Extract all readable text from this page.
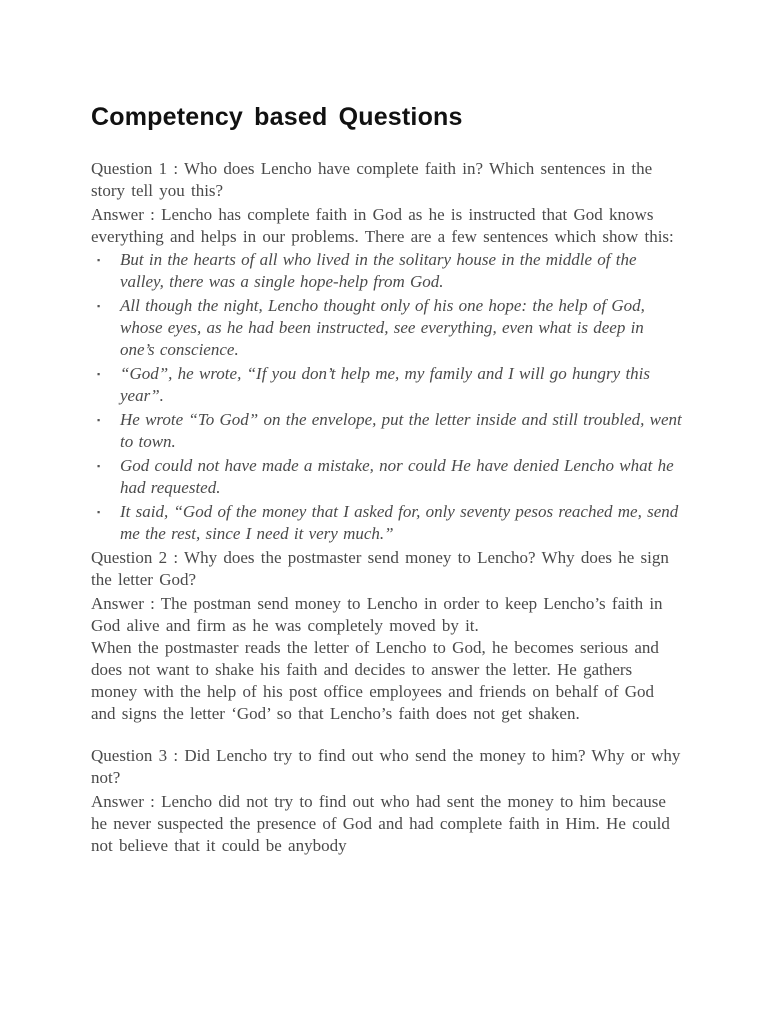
Competency based Questions

Question 1 : Who does Lencho have complete faith in? Which sentences in the story tell you this?

Answer : Lencho has complete faith in God as he is instructed that God knows everything and helps in our problems. There are a few sentences which show this:

▪ But in the hearts of all who lived in the solitary house in the middle of the valley, there was a single hope-help from God.
▪ All though the night, Lencho thought only of his one hope: the help of God, whose eyes, as he had been instructed, see everything, even what is deep in one’s conscience.
▪ “God”, he wrote, “If you don’t help me, my family and I will go hungry this year”.
▪ He wrote “To God” on the envelope, put the letter inside and still troubled, went to town.
▪ God could not have made a mistake, nor could He have denied Lencho what he had requested.
▪ It said, “God of the money that I asked for, only seventy pesos reached me, send me the rest, since I need it very much.”

Question 2 : Why does the postmaster send money to Lencho? Why does he sign the letter God?

Answer : The postman send money to Lencho in order to keep Lencho’s faith in God alive and firm as he was completely moved by it.

When the postmaster reads the letter of Lencho to God, he becomes serious and does not want to shake his faith and decides to answer the letter. He gathers money with the help of his post office employees and friends on behalf of God and signs the letter ‘God’ so that Lencho’s faith does not get shaken.

Question 3 : Did Lencho try to find out who send the money to him? Why or why not?

Answer : Lencho did not try to find out who had sent the money to him because he never suspected the presence of God and had complete faith in Him. He could not believe that it could be anybody
